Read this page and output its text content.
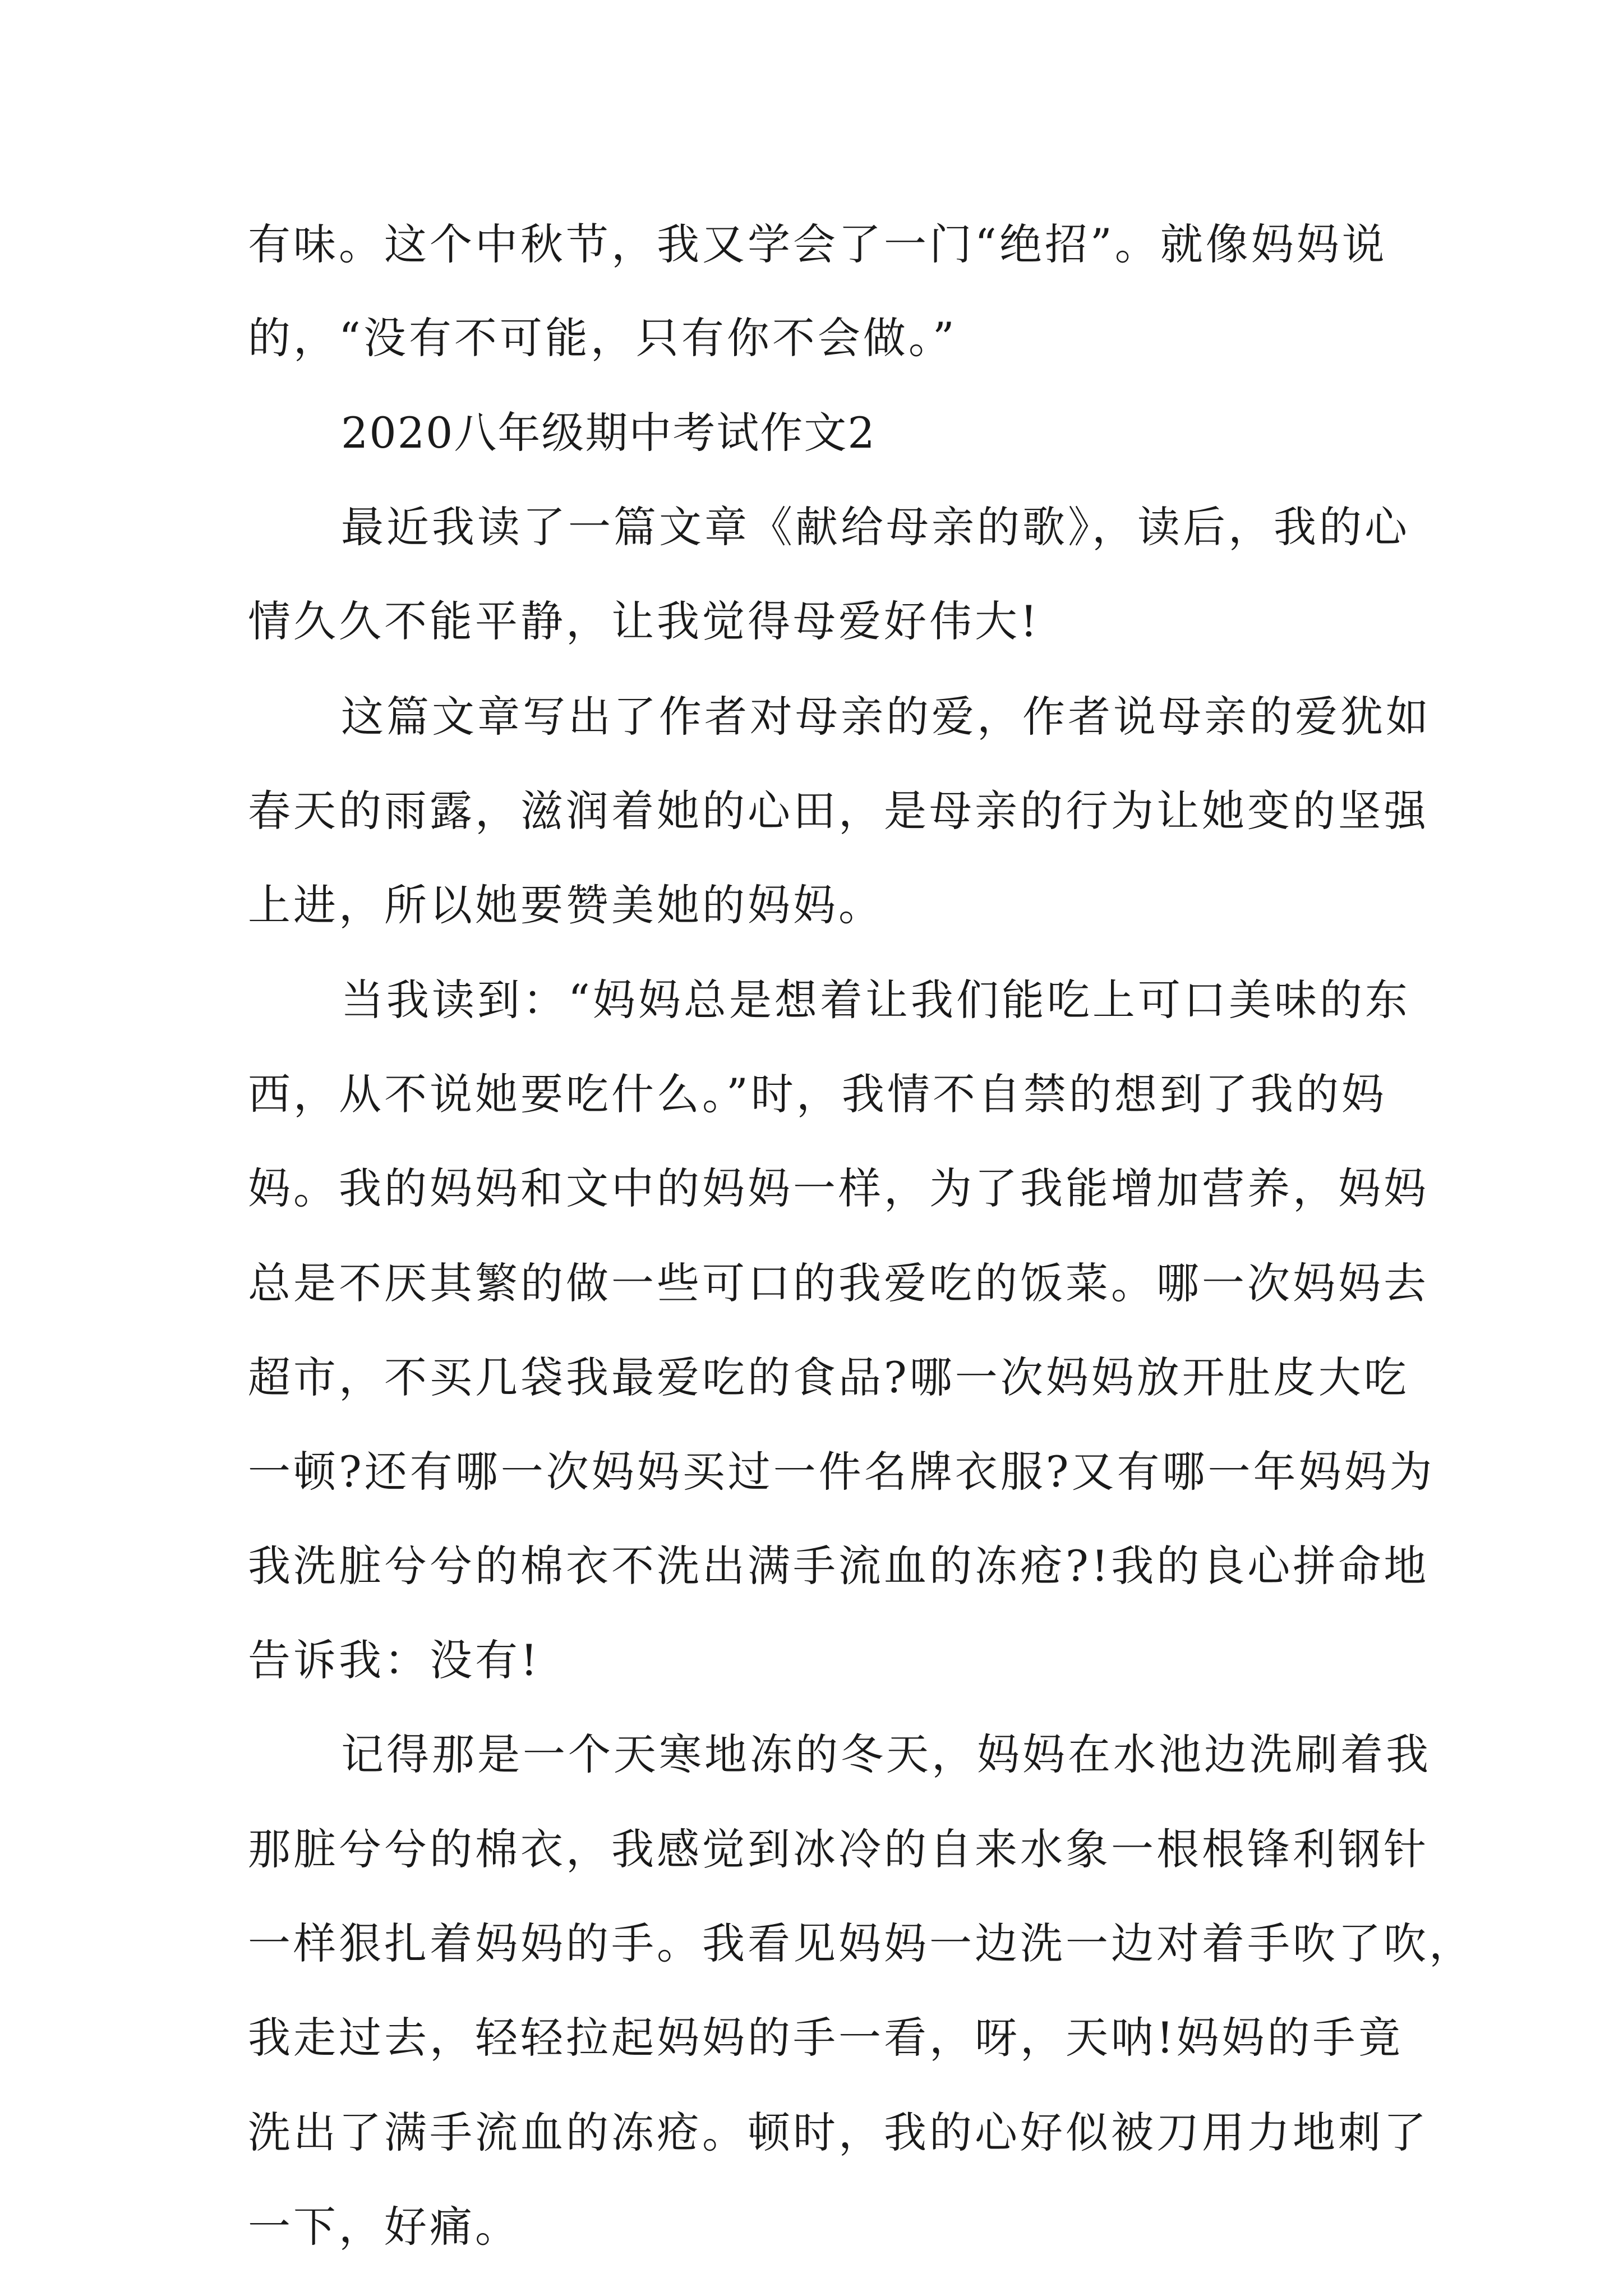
有味。这个中秋节，我又学会了一门“绝招”。就像妈妈说
的，“没有不可能，只有你不会做。”
2020八年级期中考试作文2
最近我读了一篇文章《献给母亲的歌》，读后，我的心
情久久不能平静，让我觉得母爱好伟大!
这篇文章写出了作者对母亲的爱，作者说母亲的爱犹如
春天的雨露，滋润着她的心田，是母亲的行为让她变的坚强
上进，所以她要赞美她的妈妈。
当我读到：“妈妈总是想着让我们能吃上可口美味的东
西，从不说她要吃什么。”时，我情不自禁的想到了我的妈
妈。我的妈妈和文中的妈妈一样，为了我能增加营养，妈妈
总是不厌其繁的做一些可口的我爱吃的饭菜。哪一次妈妈去
超市，不买几袋我最爱吃的食品?哪一次妈妈放开肚皮大吃
一顿?还有哪一次妈妈买过一件名牌衣服?又有哪一年妈妈为
我洗脏兮兮的棉衣不洗出满手流血的冻疮?!我的良心拼命地
告诉我：没有!
记得那是一个天寒地冻的冬天，妈妈在水池边洗刷着我
那脏兮兮的棉衣，我感觉到冰冷的自来水象一根根锋利钢针
一样狠扎着妈妈的手。我看见妈妈一边洗一边对着手吹了吹，
我走过去，轻轻拉起妈妈的手一看，呀，天呐!妈妈的手竟
洗出了满手流血的冻疮。顿时，我的心好似被刀用力地刺了
一下，好痛。
